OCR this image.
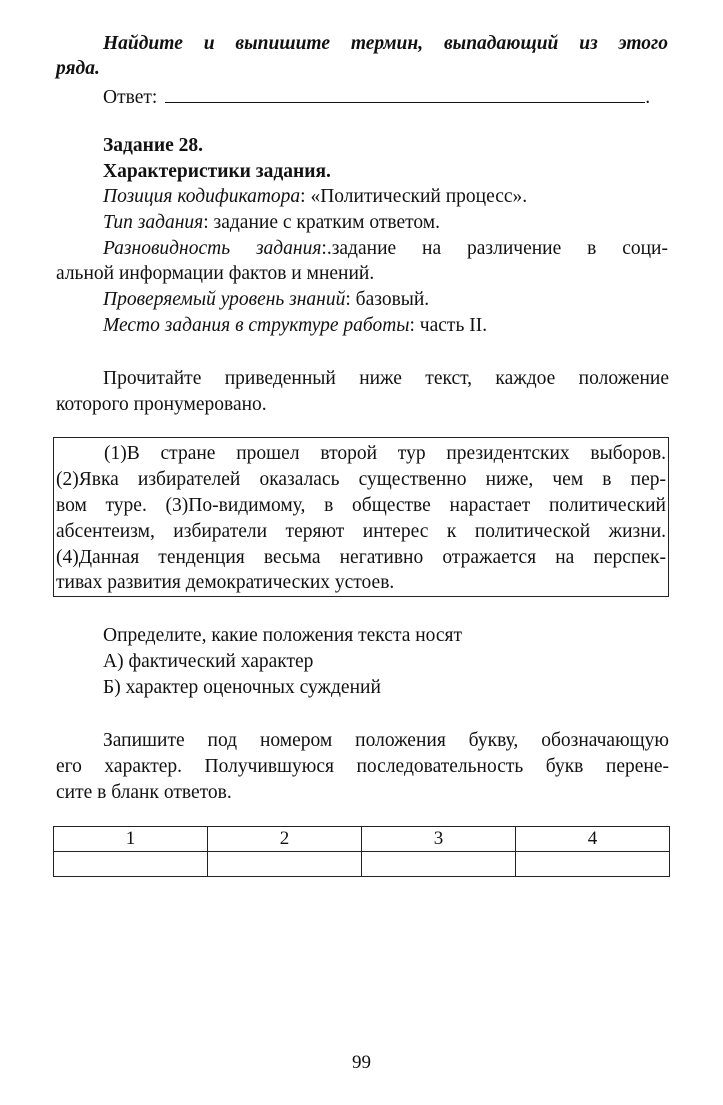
Найдите и выпишите термин, выпадающий из этого

ряда.

Ответ:	.

Задание 28.

Характеристики задания.

Позиция кодификатора: «Политический процесс».

Тип задания: задание с кратким ответом.

Разновидность задания:.задание на различение в соци-

альной информации фактов и мнений.

Проверяемый уровень знаний: базовый.

Место задания в структуре работы: часть II.

Прочитайте приведенный ниже текст, каждое положение

которого пронумеровано.

(1)В стране прошел второй тур президентских выборов.

(2)Явка избирателей оказалась существенно ниже, чем в пер-

вом туре. (3)По-видимому, в обществе нарастает политический

абсентеизм, избиратели теряют интерес к политической жизни.

(4)Данная тенденция весьма негативно отражается на перспек-

тивах развития демократических устоев.

Определите, какие положения текста носят

А) фактический характер

Б) характер оценочных суждений

Запишите под номером положения букву, обозначающую

его характер. Получившуюся последовательность букв перене-

сите в бланк ответов.

1	2	3	4

99
